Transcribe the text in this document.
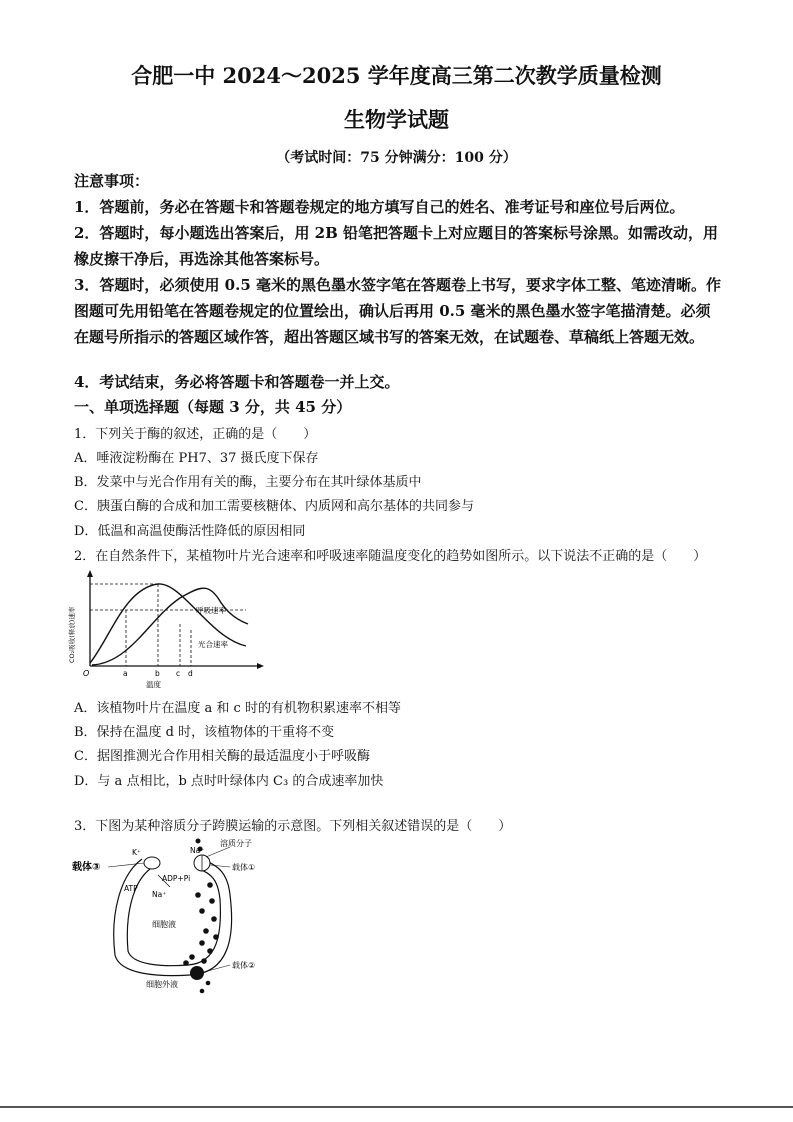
合肥一中 2024～2025 学年度高三第二次教学质量检测
生物学试题
（考试时间：75 分钟满分：100 分）
注意事项：
1．答题前，务必在答题卡和答题卷规定的地方填写自己的姓名、准考证号和座位号后两位。
2．答题时，每小题选出答案后，用 2B 铅笔把答题卡上对应题目的答案标号涂黑。如需改动，用橡皮擦干净后，再选涂其他答案标号。
3．答题时，必须使用 0.5 毫米的黑色墨水签字笔在答题卷上书写，要求字体工整、笔迹清晰。作图题可先用铅笔在答题卷规定的位置绘出，确认后再用 0.5 毫米的黑色墨水签字笔描清楚。必须在题号所指示的答题区域作答，超出答题区域书写的答案无效，在试题卷、草稿纸上答题无效。
4．考试结束，务必将答题卡和答题卷一并上交。
一、单项选择题（每题 3 分，共 45 分）
1．下列关于酶的叙述，正确的是（　　）
A．唾液淀粉酶在 PH7、37 摄氏度下保存
B．发菜中与光合作用有关的酶，主要分布在其叶绿体基质中
C．胰蛋白酶的合成和加工需要核糖体、内质网和高尔基体的共同参与
D．低温和高温使酶活性降低的原因相同
2．在自然条件下，某植物叶片光合速率和呼吸速率随温度变化的趋势如图所示。以下说法不正确的是（　　）
CO₂吸收(释放)速率
O	a	b c d
温度
呼吸速率
光合速率
A．该植物叶片在温度 a 和 c 时的有机物积累速率不相等
B．保持在温度 d 时，该植物体的干重将不变
C．据图推测光合作用相关酶的最适温度小于呼吸酶
D．与 a 点相比，b 点时叶绿体内 C₃ 的合成速率加快
3．下图为某种溶质分子跨膜运输的示意图。下列相关叙述错误的是（　　）
载体③
K⁺	Na⁺
ADP+Pi
ATP
Na⁺
溶质分子
载体①
细胞液
载体②
细胞外液
